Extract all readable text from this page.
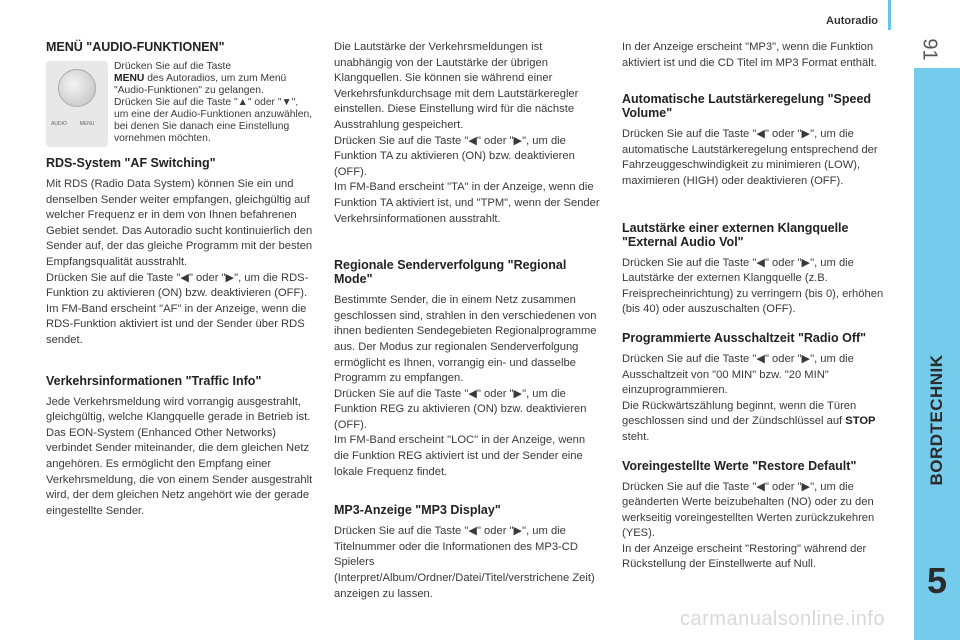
Autoradio
91
BORDTECHNIK
5
carmanualsonline.info
MENÜ "AUDIO-FUNKTIONEN"
AUDIO	MENU
Drücken Sie auf die Taste
MENU des Autoradios, um zum Menü "Audio-Funktionen" zu gelangen.
Drücken Sie auf die Taste "▲" oder "▼", um eine der Audio-Funktionen anzuwählen, bei denen Sie danach eine Einstellung vornehmen möchten.
RDS-System "AF Switching"

Mit RDS (Radio Data System) können Sie ein und denselben Sender weiter empfangen, gleichgültig auf welcher Frequenz er in dem von Ihnen befahrenen Gebiet sendet. Das Autoradio sucht kontinuierlich den Sender auf, der das gleiche Programm mit der besten Empfangsqualität ausstrahlt.
Drücken Sie auf die Taste "◀" oder "▶", um die RDS-Funktion zu aktivieren (ON) bzw. deaktivieren (OFF).
Im FM-Band erscheint "AF" in der Anzeige, wenn die RDS-Funktion aktiviert ist und der Sender über RDS sendet.

Verkehrsinformationen "Traffic Info"

Jede Verkehrsmeldung wird vorrangig ausgestrahlt, gleichgültig, welche Klangquelle gerade in Betrieb ist.
Das EON-System (Enhanced Other Networks) verbindet Sender miteinander, die dem gleichen Netz angehören. Es ermöglicht den Empfang einer Verkehrsmeldung, die von einem Sender ausgestrahlt wird, der dem gleichen Netz angehört wie der gerade eingestellte Sender.

Die Lautstärke der Verkehrsmeldungen ist unabhängig von der Lautstärke der übrigen Klangquellen. Sie können sie während einer Verkehrsfunkdurchsage mit dem Lautstärkeregler einstellen. Diese Einstellung wird für die nächste Ausstrahlung gespeichert.
Drücken Sie auf die Taste "◀" oder "▶", um die Funktion TA zu aktivieren (ON) bzw. deaktivieren (OFF).
Im FM-Band erscheint "TA" in der Anzeige, wenn die Funktion TA aktiviert ist, und "TPM", wenn der Sender Verkehrsinformationen ausstrahlt.

Regionale Senderverfolgung "Regional Mode"

Bestimmte Sender, die in einem Netz zusammen geschlossen sind, strahlen in den verschiedenen von ihnen bedienten Sendegebieten Regionalprogramme aus. Der Modus zur regionalen Senderverfolgung ermöglicht es Ihnen, vorrangig ein- und dasselbe Programm zu empfangen.
Drücken Sie auf die Taste "◀" oder "▶", um die Funktion REG zu aktivieren (ON) bzw. deaktivieren (OFF).
Im FM-Band erscheint "LOC" in der Anzeige, wenn die Funktion REG aktiviert ist und der Sender eine lokale Frequenz findet.

MP3-Anzeige "MP3 Display"

Drücken Sie auf die Taste "◀" oder "▶", um die Titelnummer oder die Informationen des MP3-CD Spielers (Interpret/Album/Ordner/Datei/Titel/verstrichene Zeit) anzeigen zu lassen.

In der Anzeige erscheint "MP3", wenn die Funktion aktiviert ist und die CD Titel im MP3 Format enthält.

Automatische Lautstärkeregelung "Speed Volume"

Drücken Sie auf die Taste "◀" oder "▶", um die automatische Lautstärkeregelung entsprechend der Fahrzeuggeschwindigkeit zu minimieren (LOW), maximieren (HIGH) oder deaktivieren (OFF).

Lautstärke einer externen Klangquelle "External Audio Vol"

Drücken Sie auf die Taste "◀" oder "▶", um die Lautstärke der externen Klangquelle (z.B. Freisprecheinrichtung) zu verringern (bis 0), erhöhen (bis 40) oder auszuschalten (OFF).

Programmierte Ausschaltzeit "Radio Off"

Drücken Sie auf die Taste "◀" oder "▶", um die Ausschaltzeit von "00 MIN" bzw. "20 MIN" einzuprogrammieren.
Die Rückwärtszählung beginnt, wenn die Türen geschlossen sind und der Zündschlüssel auf STOP steht.

Voreingestellte Werte "Restore Default"

Drücken Sie auf die Taste "◀" oder "▶", um die geänderten Werte beizubehalten (NO) oder zu den werkseitig voreingestellten Werten zurückzukehren (YES).
In der Anzeige erscheint "Restoring" während der Rückstellung der Einstellwerte auf Null.
